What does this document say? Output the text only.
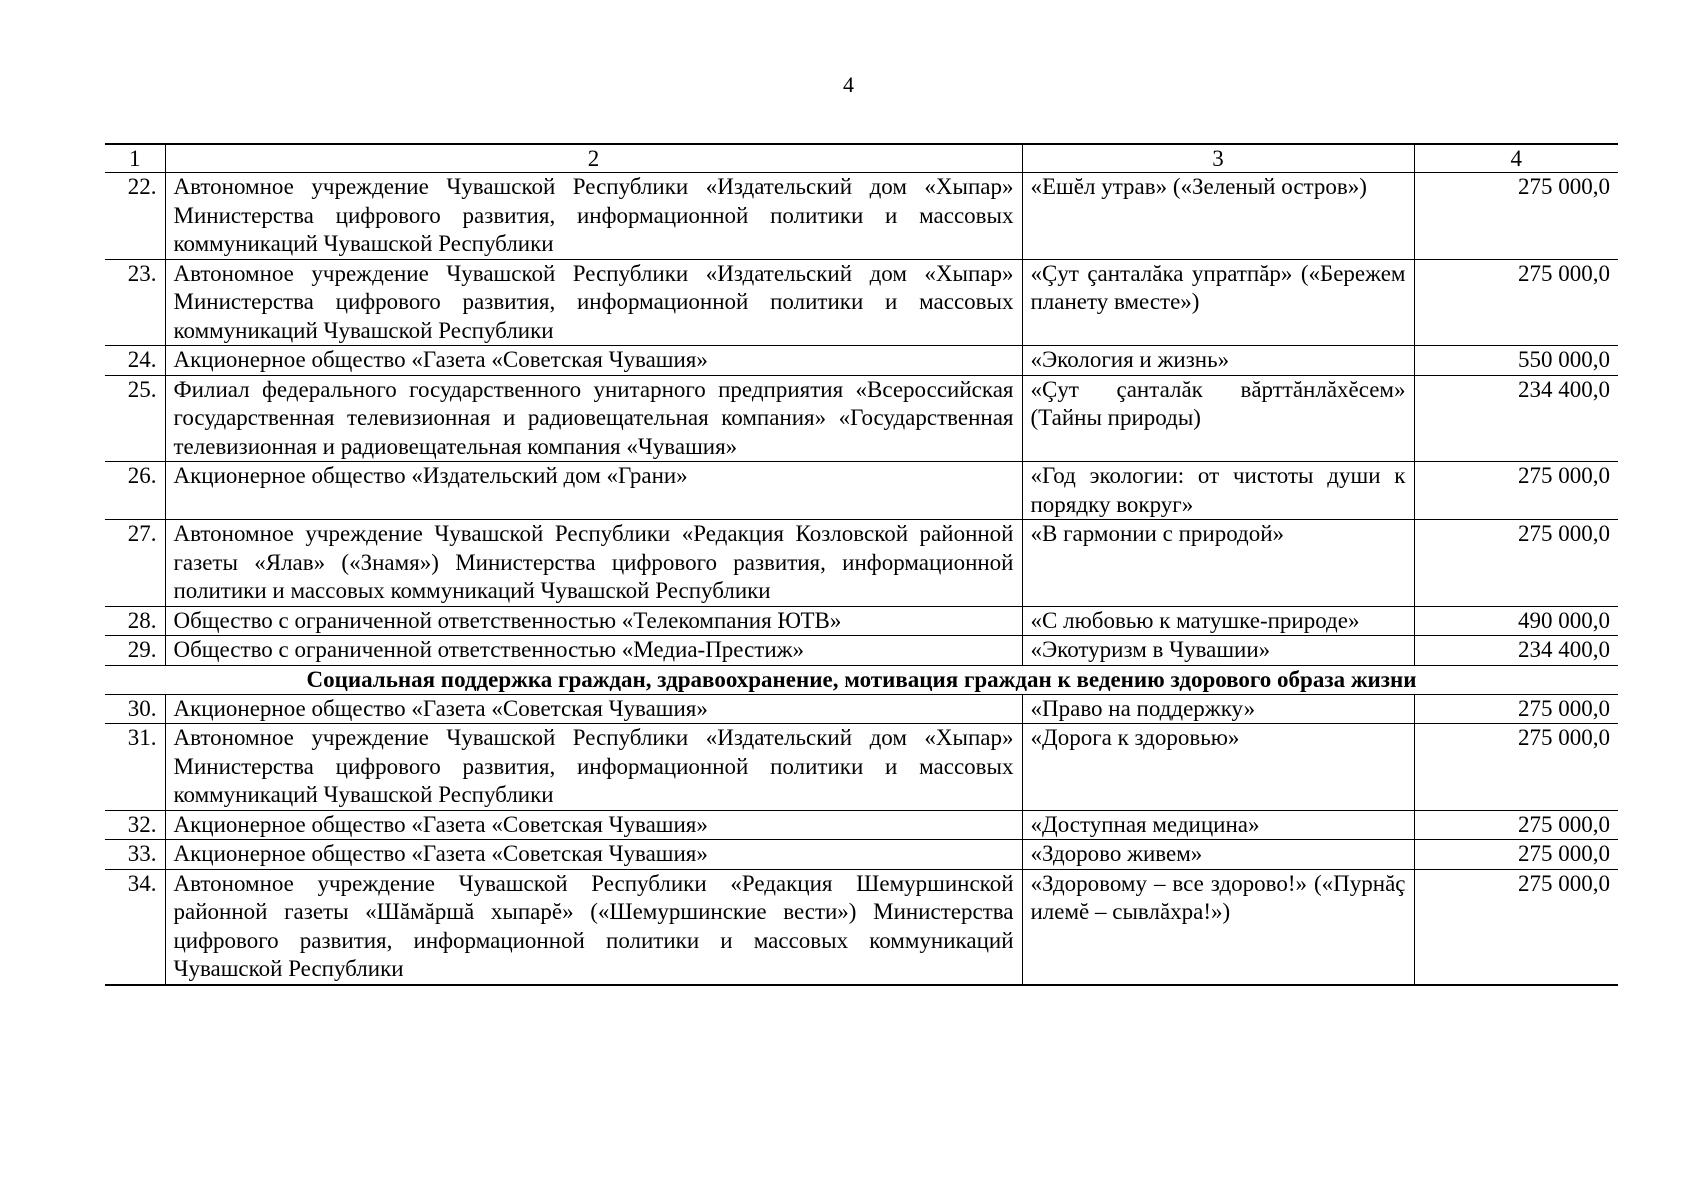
4
1	2	3	4
22.	Автономное учреждение Чувашской Республики «Издательский дом «Хыпар» Министерства цифрового развития, информационной политики и массовых коммуникаций Чувашской Республики	«Ешĕл утрав» («Зеленый остров»)	275 000,0
23.	Автономное учреждение Чувашской Республики «Издательский дом «Хыпар» Министерства цифрового развития, информационной политики и массовых коммуникаций Чувашской Республики	«Çут çанталăка упратпăр» («Бережем планету вместе»)	275 000,0
24.	Акционерное общество «Газета «Советская Чувашия»	«Экология и жизнь»	550 000,0
25.	Филиал федерального государственного унитарного предприятия «Всероссийская государственная телевизионная и радиовещательная компания» «Государственная телевизионная и радиовещательная компания «Чувашия»	«Çут çанталăк вăрттăнлăхĕсем» (Тайны природы)	234 400,0
26.	Акционерное общество «Издательский дом «Грани»	«Год экологии: от чистоты души к порядку вокруг»	275 000,0
27.	Автономное учреждение Чувашской Республики «Редакция Козловской районной газеты «Ялав» («Знамя») Министерства цифрового развития, информационной политики и массовых коммуникаций Чувашской Республики	«В гармонии с природой»	275 000,0
28.	Общество с ограниченной ответственностью «Телекомпания ЮТВ»	«С любовью к матушке-природе»	490 000,0
29.	Общество с ограниченной ответственностью «Медиа-Престиж»	«Экотуризм в Чувашии»	234 400,0
Социальная поддержка граждан, здравоохранение, мотивация граждан к ведению здорового образа жизни			
30.	Акционерное общество «Газета «Советская Чувашия»	«Право на поддержку»	275 000,0
31.	Автономное учреждение Чувашской Республики «Издательский дом «Хыпар» Министерства цифрового развития, информационной политики и массовых коммуникаций Чувашской Республики	«Дорога к здоровью»	275 000,0
32.	Акционерное общество «Газета «Советская Чувашия»	«Доступная медицина»	275 000,0
33.	Акционерное общество «Газета «Советская Чувашия»	«Здорово живем»	275 000,0
34.	Автономное учреждение Чувашской Республики «Редакция Шемуршинской районной газеты «Шăмăршă хыпарĕ» («Шемуршинские вести») Министерства цифрового развития, информационной политики и массовых коммуникаций Чувашской Республики	«Здоровому – все здорово!» («Пурнăç илемĕ – сывлăхра!»)	275 000,0
